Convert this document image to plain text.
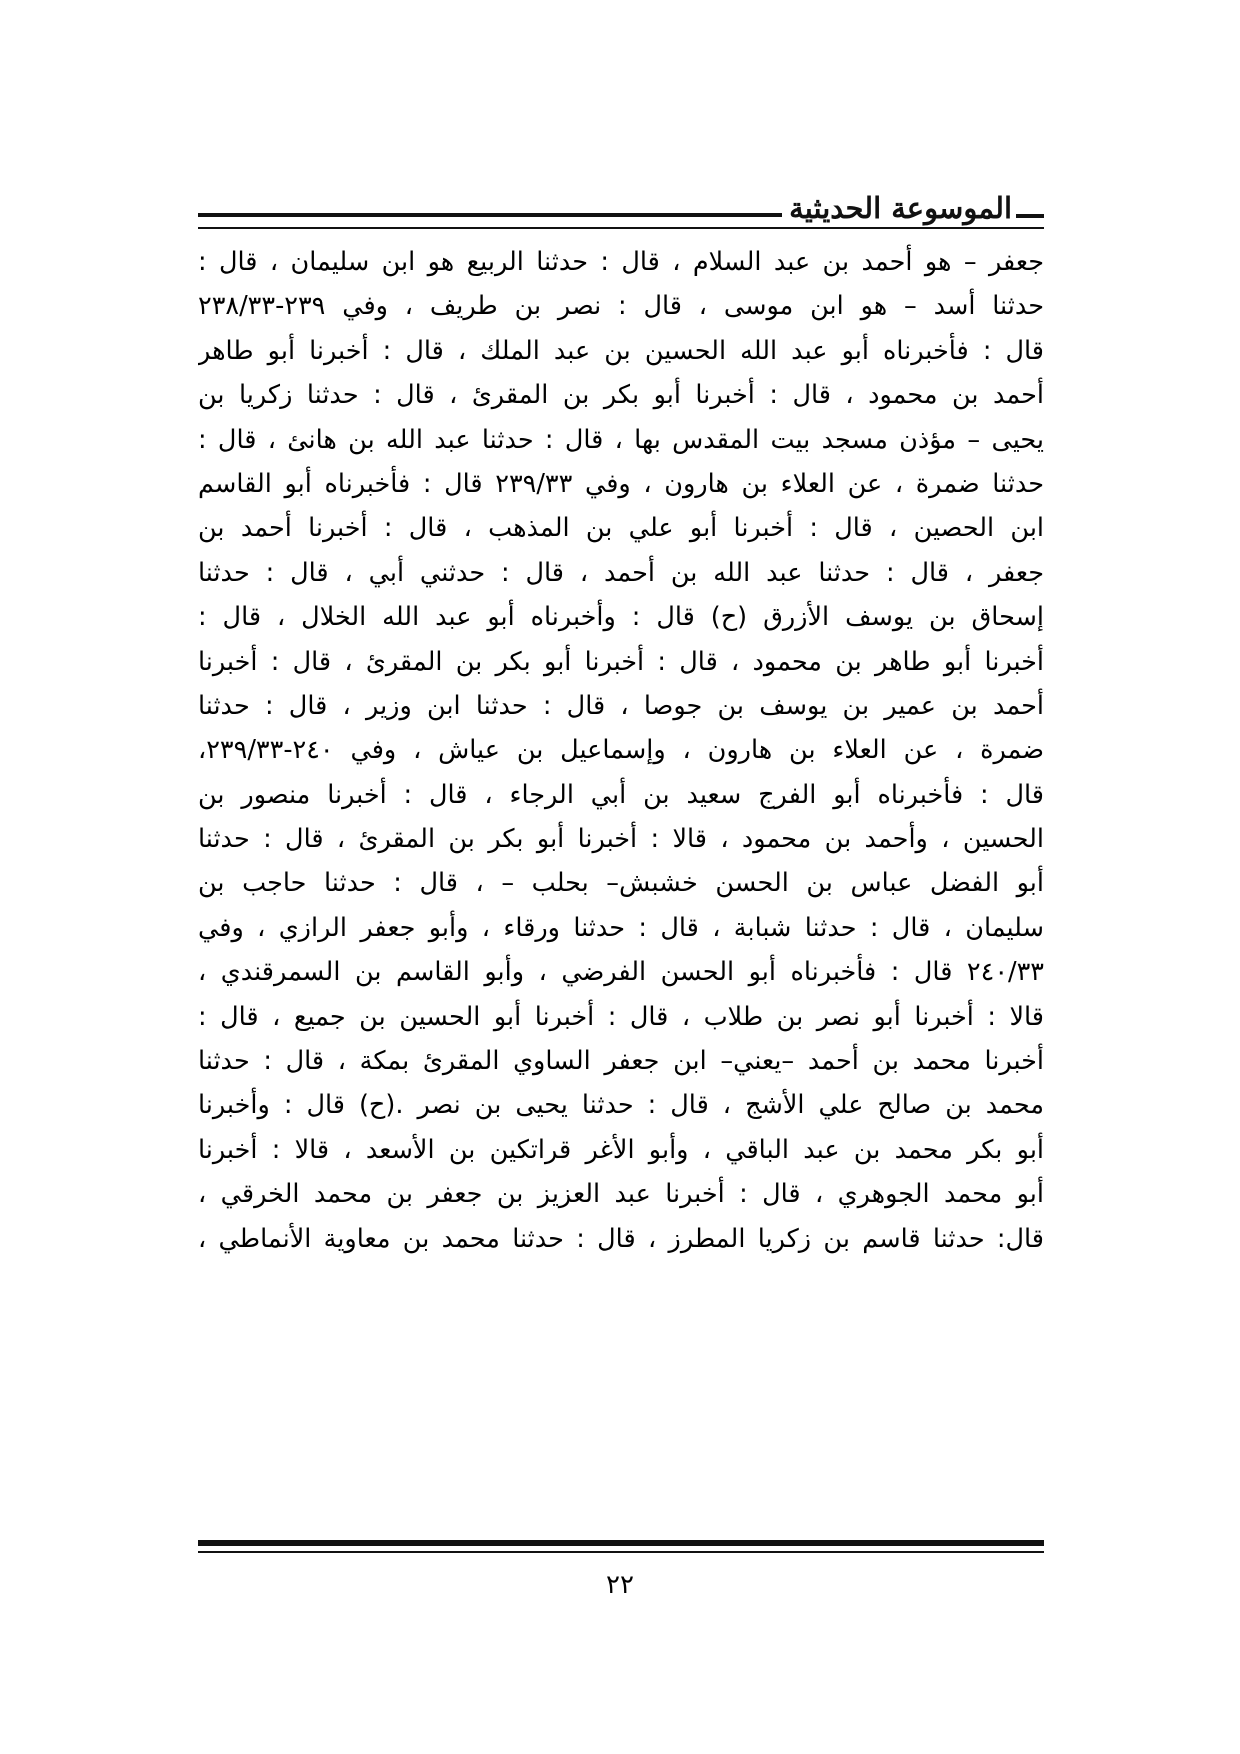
الموسوعة الحديثية
جعفر – هو أحمد بن عبد السلام ، قال : حدثنا الربيع هو ابن سليمان ، قال :
حدثنا أسد – هو ابن موسى ، قال : نصر بن طريف ، وفي ٢٣٩-٢٣٨/٣٣
قال : فأخبرناه أبو عبد الله الحسين بن عبد الملك ، قال : أخبرنا أبو طاهر
أحمد بن محمود ، قال : أخبرنا أبو بكر بن المقرئ ، قال : حدثنا زكريا بن
يحيى – مؤذن مسجد بيت المقدس بها ، قال : حدثنا عبد الله بن هانئ ، قال :
حدثنا ضمرة ، عن العلاء بن هارون ، وفي ٢٣٩/٣٣ قال : فأخبرناه أبو القاسم
ابن الحصين ، قال : أخبرنا أبو علي بن المذهب ، قال : أخبرنا أحمد بن
جعفر ، قال : حدثنا عبد الله بن أحمد ، قال : حدثني أبي ، قال : حدثنا
إسحاق بن يوسف الأزرق (ح) قال : وأخبرناه أبو عبد الله الخلال ، قال :
أخبرنا أبو طاهر بن محمود ، قال : أخبرنا أبو بكر بن المقرئ ، قال : أخبرنا
أحمد بن عمير بن يوسف بن جوصا ، قال : حدثنا ابن وزير ، قال : حدثنا
ضمرة ، عن العلاء بن هارون ، وإسماعيل بن عياش ، وفي ٢٤٠-٢٣٩/٣٣،
قال : فأخبرناه أبو الفرج سعيد بن أبي الرجاء ، قال : أخبرنا منصور بن
الحسين ، وأحمد بن محمود ، قالا : أخبرنا أبو بكر بن المقرئ ، قال : حدثنا
أبو الفضل عباس بن الحسن خشبش– بحلب – ، قال : حدثنا حاجب بن
سليمان ، قال : حدثنا شبابة ، قال : حدثنا ورقاء ، وأبو جعفر الرازي ، وفي
٢٤٠/٣٣ قال : فأخبرناه أبو الحسن الفرضي ، وأبو القاسم بن السمرقندي ،
قالا : أخبرنا أبو نصر بن طلاب ، قال : أخبرنا أبو الحسين بن جميع ، قال :
أخبرنا محمد بن أحمد –يعني– ابن جعفر الساوي المقرئ بمكة ، قال : حدثنا
محمد بن صالح علي الأشج ، قال : حدثنا يحيى بن نصر .(ح) قال : وأخبرنا
أبو بكر محمد بن عبد الباقي ، وأبو الأغر قراتكين بن الأسعد ، قالا : أخبرنا
أبو محمد الجوهري ، قال : أخبرنا عبد العزيز بن جعفر بن محمد الخرقي ،
قال: حدثنا قاسم بن زكريا المطرز ، قال : حدثنا محمد بن معاوية الأنماطي ،
٢٢
